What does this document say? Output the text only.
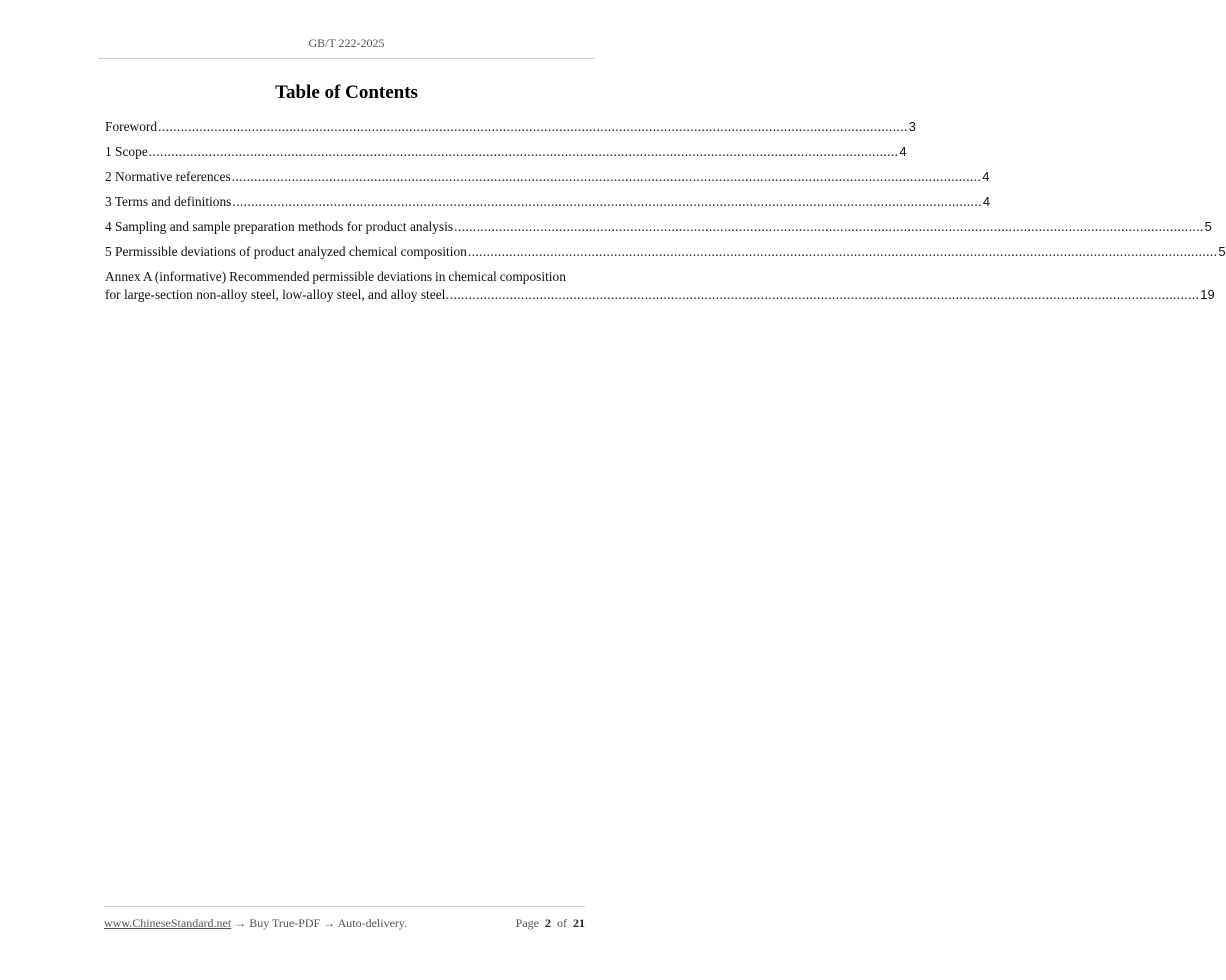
GB/T 222-2025
Table of Contents
Foreword ........................................................................................................................................................................................................ 3
1 Scope ........................................................................................................................................................................................................ 4
2 Normative references ........................................................................................................................................................................................................ 4
3 Terms and definitions ........................................................................................................................................................................................................ 4
4 Sampling and sample preparation methods for product analysis ........................................................................................................................................................................................................ 5
5 Permissible deviations of product analyzed chemical composition ........................................................................................................................................................................................................ 5
Annex A (informative) Recommended permissible deviations in chemical composition
for large-section non-alloy steel, low-alloy steel, and alloy steel. ........................................................................................................................................................................................................ 19
www.ChineseStandard.net → Buy True-PDF → Auto-delivery.	Page 2 of 21
